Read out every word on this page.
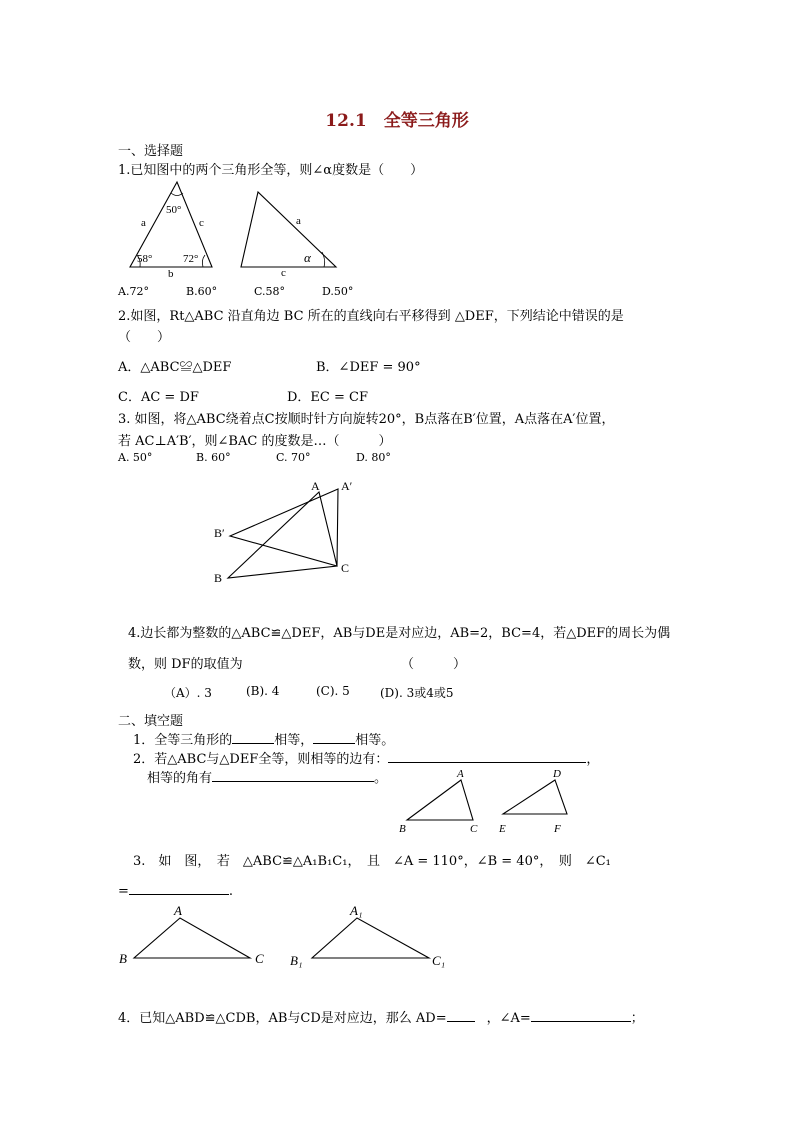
12.1　全等三角形
一、选择题
1.已知图中的两个三角形全等，则∠α度数是（　　）
50°
a	c
58°	72°
b
a
α
c
A.72°	B.60°	C.58°	D.50°
2.如图，Rt△ABC 沿直角边 BC 所在的直线向右平移得到 △DEF，下列结论中错误的是
（　　）
A．△ABC≌△DEF	B．∠DEF = 90°
C．AC = DF	D．EC = CF
3. 如图，将△ABC绕着点C按顺时针方向旋转20°，B点落在B′位置，A点落在A′位置，
若 AC⊥A′B′，则∠BAC 的度数是…（　　　）
A. 50°	B. 60°	C. 70°	D. 80°
A A′
B′
B
C
4.边长都为整数的△ABC≌△DEF，AB与DE是对应边，AB=2，BC=4，若△DEF的周长为偶
数，则 DF的取值为	（　　　）
（A）. 3	(B). 4	(C). 5	(D). 3或4或5
二、填空题
1．全等三角形的	相等，	相等。
2．若△ABC与△DEF全等，则相等的边有：	，
相等的角有	。	A
B	C
D
E	F
3.　如　图，　若　△ABC≌△A₁B₁C₁，　且　∠A = 110°，∠B = 40°，　则　∠C₁
=	.
A
B	C
A₁
B₁	C₁
4．已知△ABD≌△CDB，AB与CD是对应边，那么 AD=	，∠A=	；
